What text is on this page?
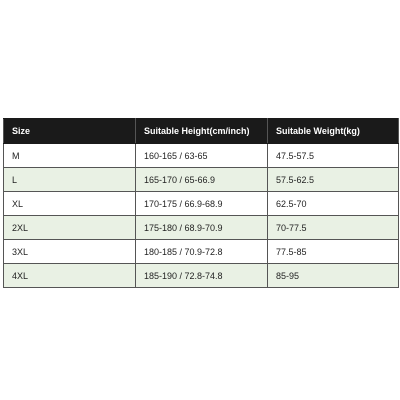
Size	Suitable Height(cm/inch)	Suitable Weight(kg)
M	160-165 / 63-65	47.5-57.5
L	165-170 / 65-66.9	57.5-62.5
XL	170-175 / 66.9-68.9	62.5-70
2XL	175-180 / 68.9-70.9	70-77.5
3XL	180-185 / 70.9-72.8	77.5-85
4XL	185-190 / 72.8-74.8	85-95
